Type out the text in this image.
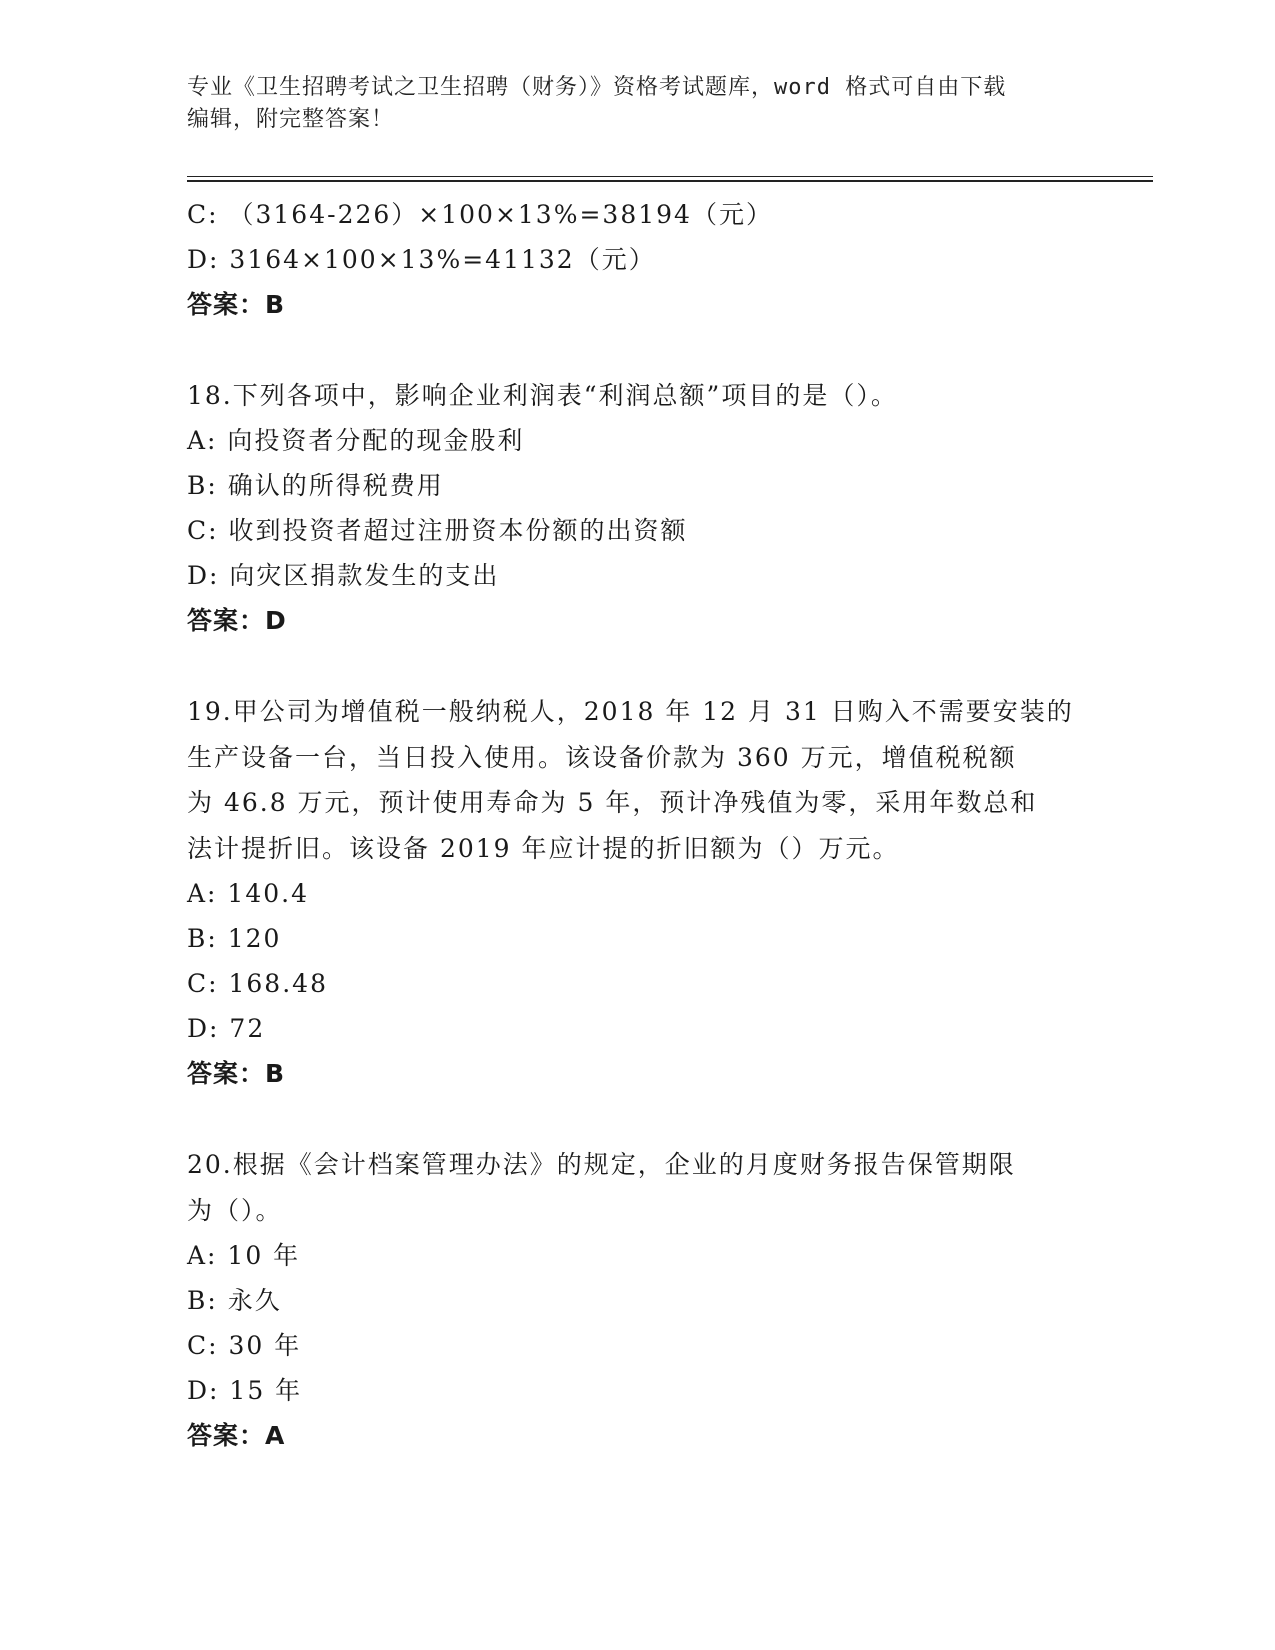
专业《卫生招聘考试之卫生招聘（财务）》资格考试题库，word 格式可自由下载
编辑，附完整答案！
C: （3164-226）×100×13%=38194（元）
D: 3164×100×13%=41132（元）
答案：B
18.下列各项中，影响企业利润表“利润总额”项目的是（）。
A: 向投资者分配的现金股利
B: 确认的所得税费用
C: 收到投资者超过注册资本份额的出资额
D: 向灾区捐款发生的支出
答案：D
19.甲公司为增值税一般纳税人，2018 年 12 月 31 日购入不需要安装的
生产设备一台，当日投入使用。该设备价款为 360 万元，增值税税额
为 46.8 万元，预计使用寿命为 5 年，预计净残值为零，采用年数总和
法计提折旧。该设备 2019 年应计提的折旧额为（）万元。
A: 140.4
B: 120
C: 168.48
D: 72
答案：B
20.根据《会计档案管理办法》的规定，企业的月度财务报告保管期限
为（）。
A: 10 年
B: 永久
C: 30 年
D: 15 年
答案：A
